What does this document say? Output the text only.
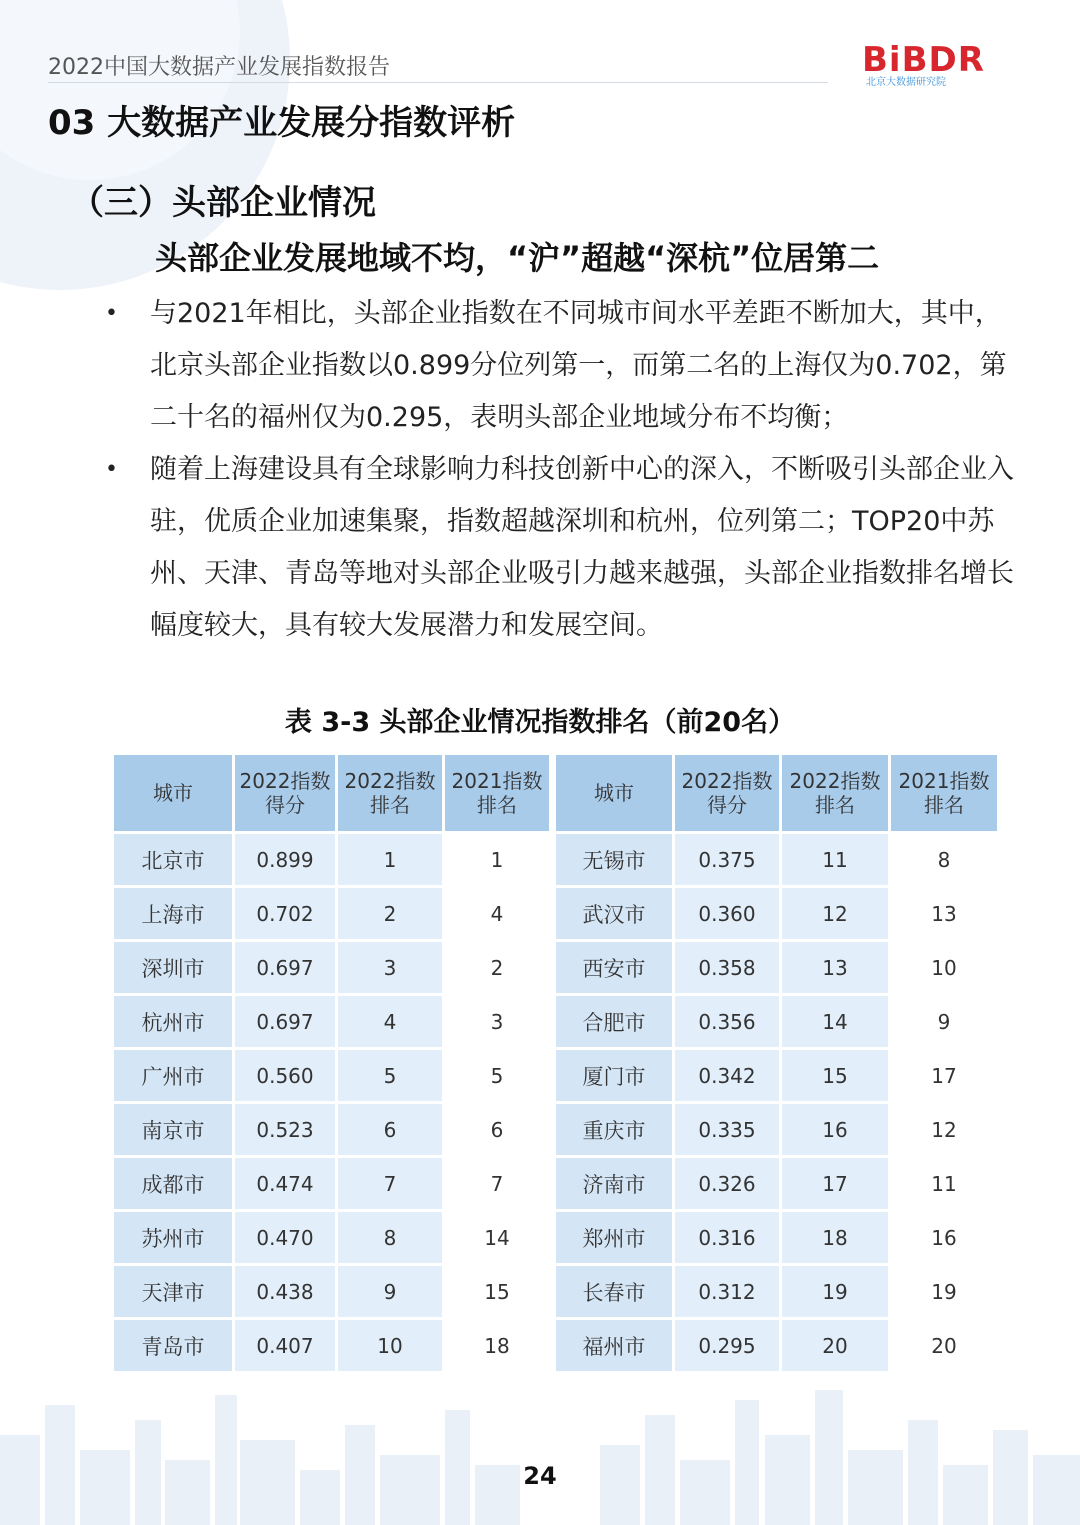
2022中国大数据产业发展指数报告	BiBDR
北京大数据研究院
03 大数据产业发展分指数评析
（三）头部企业情况
头部企业发展地域不均，“沪”超越“深杭”位居第二
• 与2021年相比，头部企业指数在不同城市间水平差距不断加大，其中，北京头部企业指数以0.899分位列第一，而第二名的上海仅为0.702，第二十名的福州仅为0.295，表明头部企业地域分布不均衡；
• 随着上海建设具有全球影响力科技创新中心的深入，不断吸引头部企业入驻，优质企业加速集聚，指数超越深圳和杭州，位列第二；TOP20中苏州、天津、青岛等地对头部企业吸引力越来越强，头部企业指数排名增长幅度较大，具有较大发展潜力和发展空间。
表 3-3 头部企业情况指数排名（前20名）
城市	2022指数得分	2022指数排名	2021指数排名		城市	2022指数得分	2022指数排名	2021指数排名
北京市	0.899	1	1		无锡市	0.375	11	8
上海市	0.702	2	4		武汉市	0.360	12	13
深圳市	0.697	3	2		西安市	0.358	13	10
杭州市	0.697	4	3		合肥市	0.356	14	9
广州市	0.560	5	5		厦门市	0.342	15	17
南京市	0.523	6	6		重庆市	0.335	16	12
成都市	0.474	7	7		济南市	0.326	17	11
苏州市	0.470	8	14		郑州市	0.316	18	16
天津市	0.438	9	15		长春市	0.312	19	19
青岛市	0.407	10	18		福州市	0.295	20	20
24
